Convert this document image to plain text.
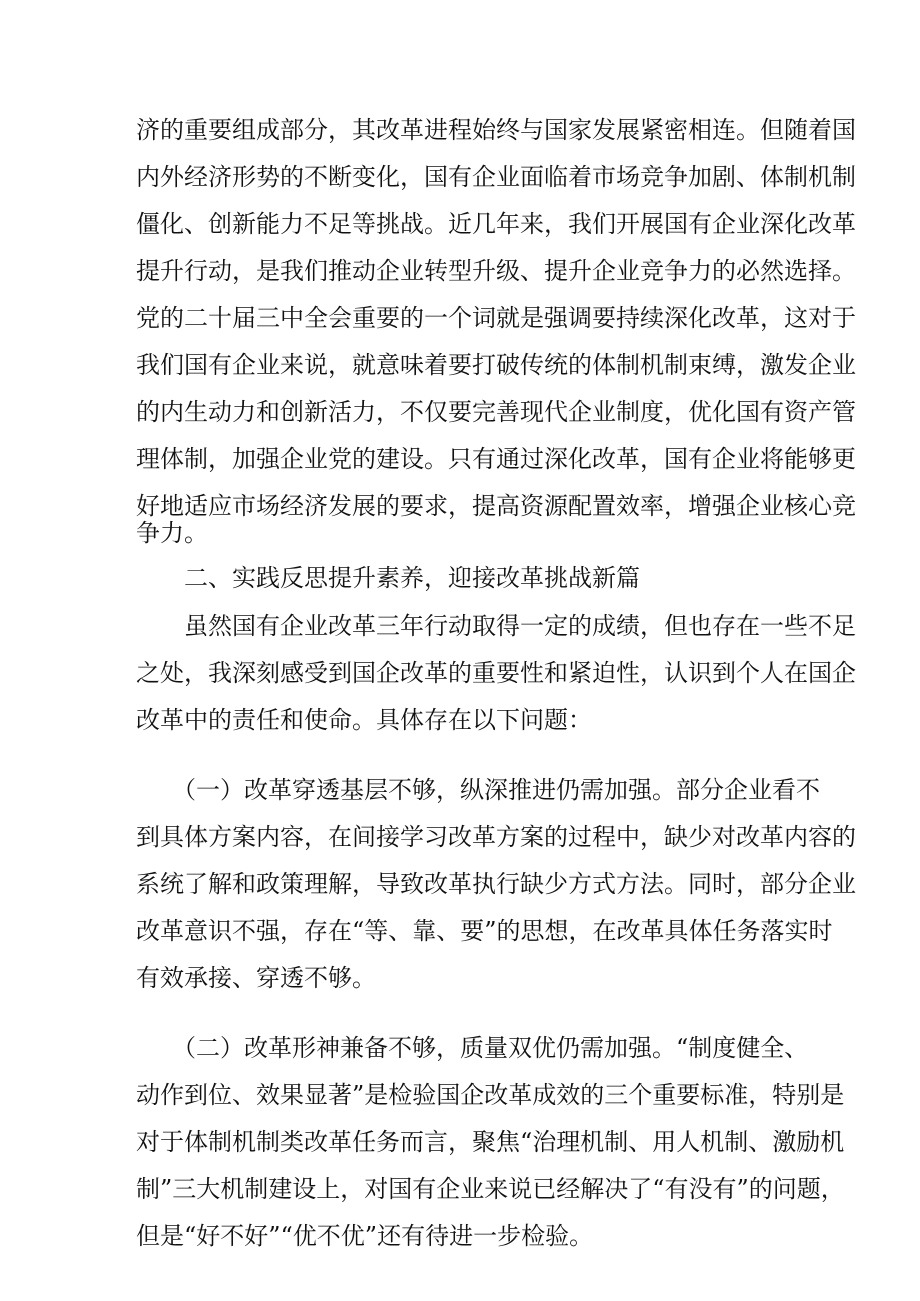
济的重要组成部分，其改革进程始终与国家发展紧密相连。但随着国

内外经济形势的不断变化，国有企业面临着市场竞争加剧、体制机制

僵化、创新能力不足等挑战。近几年来，我们开展国有企业深化改革

提升行动，是我们推动企业转型升级、提升企业竞争力的必然选择。

党的二十届三中全会重要的一个词就是强调要持续深化改革，这对于

我们国有企业来说，就意味着要打破传统的体制机制束缚，激发企业

的内生动力和创新活力，不仅要完善现代企业制度，优化国有资产管

理体制，加强企业党的建设。只有通过深化改革，国有企业将能够更

好地适应市场经济发展的要求，提高资源配置效率，增强企业核心竞

争力。

二、实践反思提升素养，迎接改革挑战新篇

　　虽然国有企业改革三年行动取得一定的成绩，但也存在一些不足

之处，我深刻感受到国企改革的重要性和紧迫性，认识到个人在国企

改革中的责任和使命。具体存在以下问题：

　　（一）改革穿透基层不够，纵深推进仍需加强。部分企业看不

到具体方案内容，在间接学习改革方案的过程中，缺少对改革内容的

系统了解和政策理解，导致改革执行缺少方式方法。同时，部分企业

改革意识不强，存在“等、靠、要”的思想，在改革具体任务落实时

有效承接、穿透不够。

　　（二）改革形神兼备不够，质量双优仍需加强。“制度健全、

动作到位、效果显著”是检验国企改革成效的三个重要标准，特别是

对于体制机制类改革任务而言，聚焦“治理机制、用人机制、激励机

制”三大机制建设上，对国有企业来说已经解决了“有没有”的问题，

但是“好不好”“优不优”还有待进一步检验。
